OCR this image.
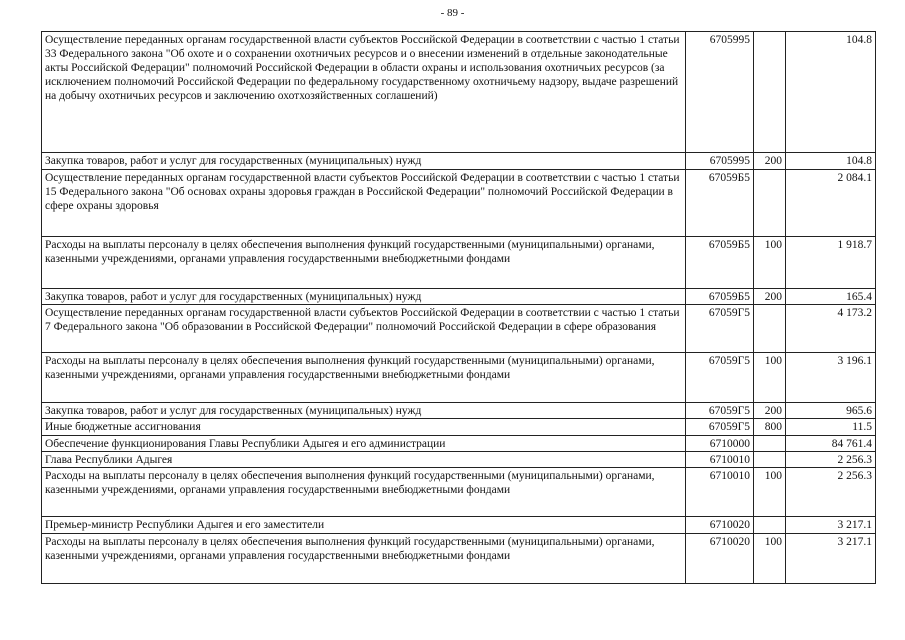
- 89 -
Осуществление переданных органам государственной власти субъектов Российской Федерации в соответствии с частью 1 статьи 33 Федерального закона "Об охоте и о сохранении охотничьих ресурсов и о внесении изменений в отдельные законодательные акты Российской Федерации" полномочий Российской Федерации в области охраны и использования охотничьих ресурсов (за исключением полномочий Российской Федерации по федеральному государственному охотничьему надзору, выдаче разрешений на добычу охотничьих ресурсов и заключению охотхозяйственных соглашений)	6705995		104.8
Закупка товаров, работ и услуг для государственных (муниципальных) нужд	6705995	200	104.8
Осуществление переданных органам государственной власти субъектов Российской Федерации в соответствии с частью 1 статьи 15 Федерального закона "Об основах охраны здоровья граждан в Российской Федерации" полномочий Российской Федерации в сфере охраны здоровья	67059Б5		2 084.1
Расходы на выплаты персоналу в целях обеспечения выполнения функций государственными (муниципальными) органами, казенными учреждениями, органами управления государственными внебюджетными фондами	67059Б5	100	1 918.7
Закупка товаров, работ и услуг для государственных (муниципальных) нужд	67059Б5	200	165.4
Осуществление переданных органам государственной власти субъектов Российской Федерации в соответствии с частью 1 статьи 7 Федерального закона "Об образовании в Российской Федерации" полномочий Российской Федерации в сфере образования	67059Г5		4 173.2
Расходы на выплаты персоналу в целях обеспечения выполнения функций государственными (муниципальными) органами, казенными учреждениями, органами управления государственными внебюджетными фондами	67059Г5	100	3 196.1
Закупка товаров, работ и услуг для государственных (муниципальных) нужд	67059Г5	200	965.6
Иные бюджетные ассигнования	67059Г5	800	11.5
Обеспечение функционирования Главы Республики Адыгея и его администрации	6710000		84 761.4
Глава Республики Адыгея	6710010		2 256.3
Расходы на выплаты персоналу в целях обеспечения выполнения функций государственными (муниципальными) органами, казенными учреждениями, органами управления государственными внебюджетными фондами	6710010	100	2 256.3
Премьер-министр Республики Адыгея и его заместители	6710020		3 217.1
Расходы на выплаты персоналу в целях обеспечения выполнения функций государственными (муниципальными) органами, казенными учреждениями, органами управления государственными внебюджетными фондами	6710020	100	3 217.1
